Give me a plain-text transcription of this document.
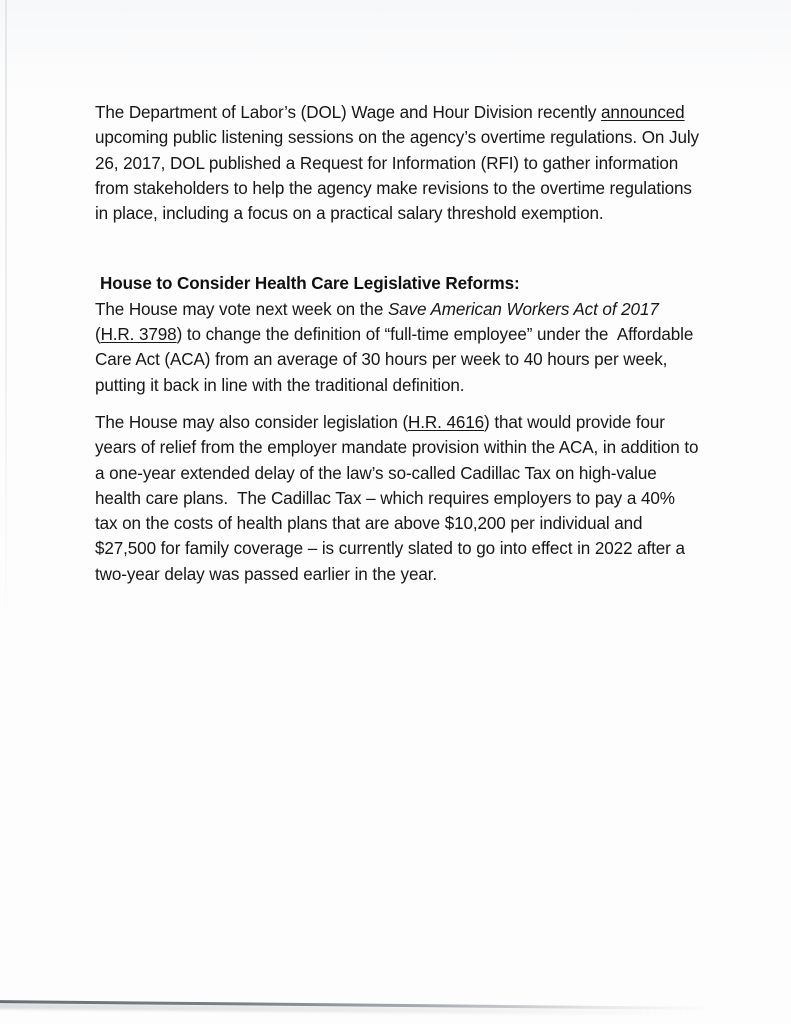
The Department of Labor’s (DOL) Wage and Hour Division recently announced upcoming public listening sessions on the agency’s overtime regulations. On July 26, 2017, DOL published a Request for Information (RFI) to gather information from stakeholders to help the agency make revisions to the overtime regulations in place, including a focus on a practical salary threshold exemption.

House to Consider Health Care Legislative Reforms:

The House may vote next week on the Save American Workers Act of 2017 (H.R. 3798) to change the definition of “full-time employee” under the  Affordable Care Act (ACA) from an average of 30 hours per week to 40 hours per week, putting it back in line with the traditional definition.

The House may also consider legislation (H.R. 4616) that would provide four years of relief from the employer mandate provision within the ACA, in addition to a one-year extended delay of the law’s so-called Cadillac Tax on high-value health care plans.  The Cadillac Tax – which requires employers to pay a 40% tax on the costs of health plans that are above $10,200 per individual and $27,500 for family coverage – is currently slated to go into effect in 2022 after a two-year delay was passed earlier in the year.
